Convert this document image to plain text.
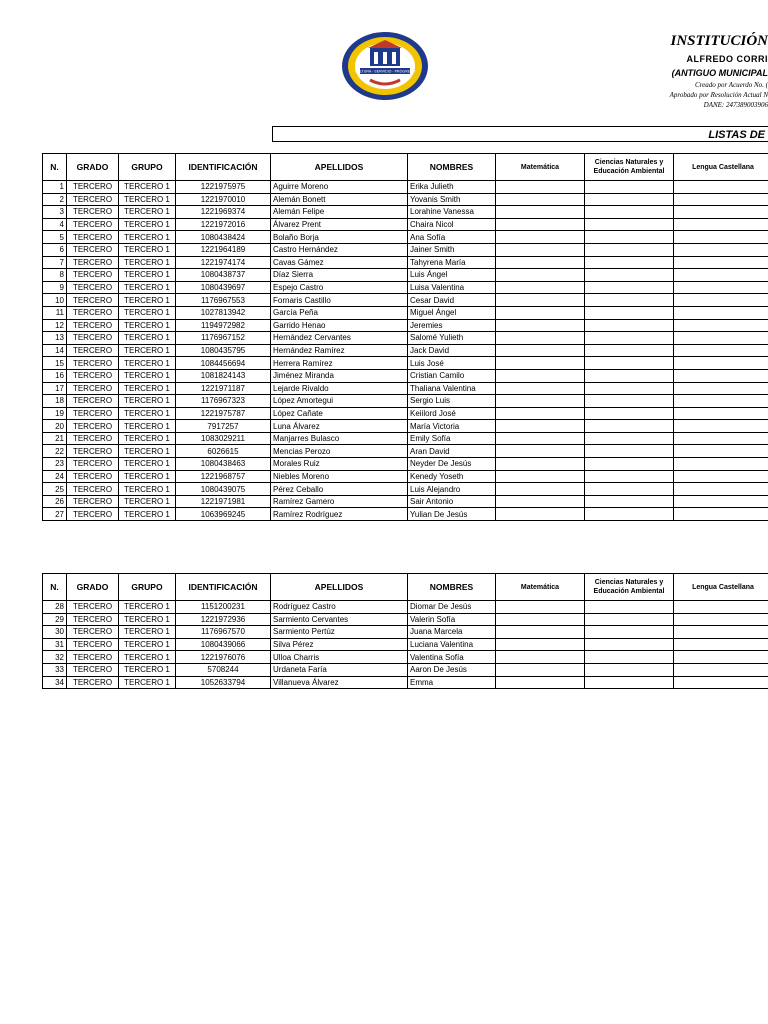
CULTURA - SERVICIO - PROGRESO
INSTITUCIÓN
ALFREDO CORRI
(ANTIGUO MUNICIPAL
Creado por Acuerdo No. (
Aprobado por Resolución Actual N
DANE: 247389003906
LISTAS DE
N.	GRADO	GRUPO	IDENTIFICACIÓN	APELLIDOS	NOMBRES	Matemática	Ciencias Naturales y Educación Ambiental	Lengua Castellana
1	TERCERO	TERCERO 1	1221975975	Aguirre Moreno	Erika Julieth			
2	TERCERO	TERCERO 1	1221970010	Alemán Bonett	Yovanis Smith			
3	TERCERO	TERCERO 1	1221969374	Alemán Felipe	Lorahine Vanessa			
4	TERCERO	TERCERO 1	1221972016	Álvarez Prent	Chaira Nicol			
5	TERCERO	TERCERO 1	1080438424	Bolaño Borja	Ana Sofía			
6	TERCERO	TERCERO 1	1221964189	Castro Hernández	Jainer Smith			
7	TERCERO	TERCERO 1	1221974174	Cavas Gámez	Tahyrena María			
8	TERCERO	TERCERO 1	1080438737	Díaz Sierra	Luis Ángel			
9	TERCERO	TERCERO 1	1080439697	Espejo Castro	Luisa Valentina			
10	TERCERO	TERCERO 1	1176967553	Fornaris Castillo	Cesar David			
11	TERCERO	TERCERO 1	1027813942	García Peña	Miguel Ángel			
12	TERCERO	TERCERO 1	1194972982	Garrido Henao	Jeremies			
13	TERCERO	TERCERO 1	1176967152	Hernández Cervantes	Salomé Yulieth			
14	TERCERO	TERCERO 1	1080435795	Hernández Ramírez	Jack David			
15	TERCERO	TERCERO 1	1084456694	Herrera Ramírez	Luis José			
16	TERCERO	TERCERO 1	1081824143	Jiménez Miranda	Cristian Camilo			
17	TERCERO	TERCERO 1	1221971187	Lejarde Rivaldo	Thaliana Valentina			
18	TERCERO	TERCERO 1	1176967323	López Amortegui	Sergio Luis			
19	TERCERO	TERCERO 1	1221975787	López Cañate	Keiilord José			
20	TERCERO	TERCERO 1	7917257	Luna Álvarez	María Victoria			
21	TERCERO	TERCERO 1	1083029211	Manjarres Bulasco	Emily Sofía			
22	TERCERO	TERCERO 1	6026615	Mencias Perozo	Aran David			
23	TERCERO	TERCERO 1	1080438463	Morales Ruiz	Neyder De Jesús			
24	TERCERO	TERCERO 1	1221968757	Niebles Moreno	Kenedy Yoseth			
25	TERCERO	TERCERO 1	1080439075	Pérez Ceballo	Luis Alejandro			
26	TERCERO	TERCERO 1	1221971981	Ramírez Gamero	Sair Antonio			
27	TERCERO	TERCERO 1	1063969245	Ramírez Rodríguez	Yulian De Jesús			
N.	GRADO	GRUPO	IDENTIFICACIÓN	APELLIDOS	NOMBRES	Matemática	Ciencias Naturales y Educación Ambiental	Lengua Castellana
28	TERCERO	TERCERO 1	1151200231	Rodríguez Castro	Diomar De Jesús			
29	TERCERO	TERCERO 1	1221972936	Sarmiento Cervantes	Valerin Sofía			
30	TERCERO	TERCERO 1	1176967570	Sarmiento Pertúz	Juana Marcela			
31	TERCERO	TERCERO 1	1080439066	Silva Pérez	Luciana Valentina			
32	TERCERO	TERCERO 1	1221976076	Ulloa Charris	Valentina Sofía			
33	TERCERO	TERCERO 1	5708244	Urdaneta Faría	Aaron De Jesús			
34	TERCERO	TERCERO 1	1052633794	Villanueva Álvarez	Emma			
